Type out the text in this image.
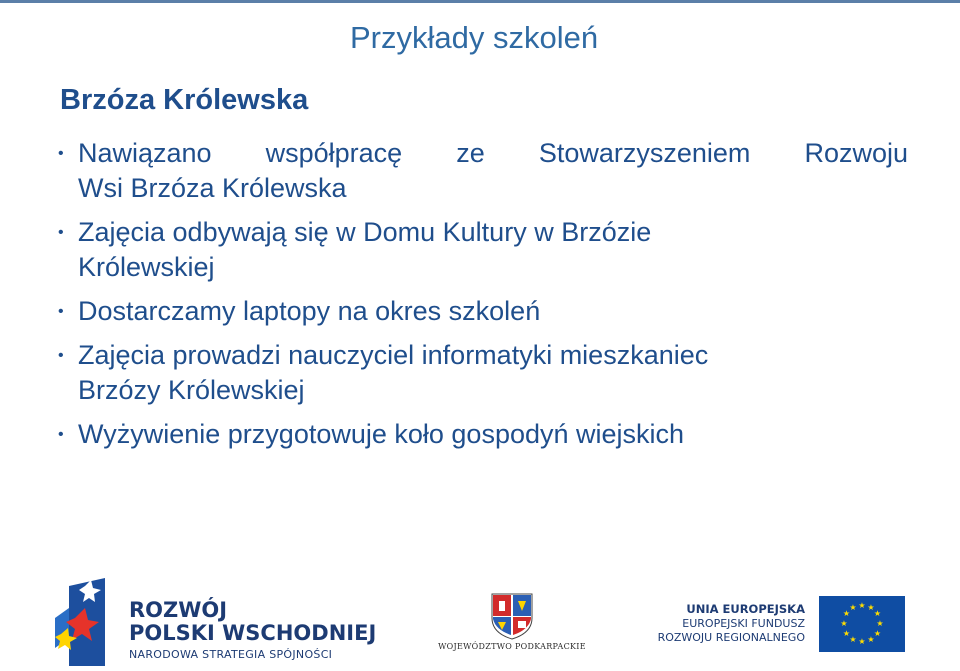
Przykłady szkoleń
Brzóza Królewska
• Nawiązano współpracę ze Stowarzyszeniem Rozwoju
Wsi Brzóza Królewska
• Zajęcia odbywają się w Domu Kultury w Brzózie
Królewskiej
• Dostarczamy laptopy na okres szkoleń
• Zajęcia prowadzi nauczyciel informatyki mieszkaniec
Brzózy Królewskiej
• Wyżywienie przygotowuje koło gospodyń wiejskich
ROZWÓJ
POLSKI WSCHODNIEJ
NARODOWA STRATEGIA SPÓJNOŚCI
WOJEWÓDZTWO PODKARPACKIE
UNIA EUROPEJSKA
EUROPEJSKI FUNDUSZ
ROZWOJU REGIONALNEGO
★ ★
★
★
★
★
★
★
★
★
★
★
